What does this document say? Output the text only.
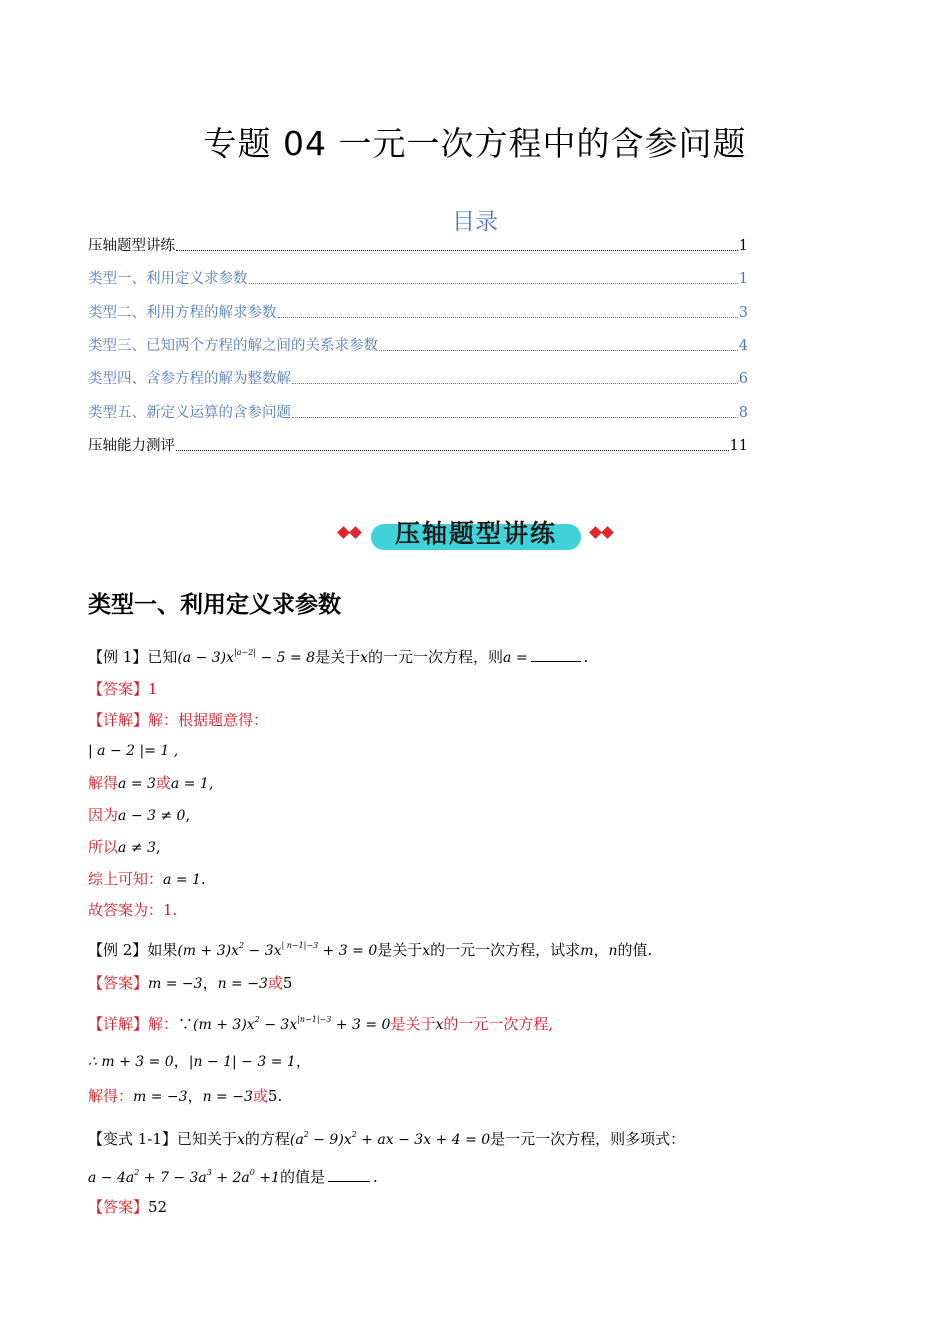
专题 04 一元一次方程中的含参问题
目录
压轴题型讲练	1
类型一、利用定义求参数	1
类型二、利用方程的解求参数	3
类型三、已知两个方程的解之间的关系求参数	4
类型四、含参方程的解为整数解	6
类型五、新定义运算的含参问题	8
压轴能力测评	11
压轴题型讲练
类型一、利用定义求参数
【例 1】已知$(a - 3)x^{|a-2|} - 5 = 8$是关于x的一元一次方程，则a =	.
【答案】1
【详解】解：根据题意得：
| a − 2 |= 1 ,
解得a = 3或a = 1,
因为a − 3 ≠ 0,
所以a ≠ 3,
综上可知：a = 1.
故答案为：1.
【例 2】如果$(m + 3)x^2 - 3x^{| n-1|-3} + 3 = 0$是关于x的一元一次方程，试求m，n的值.
【答案】m = −3，n = −3或5
【详解】解：∵(m + $3)x^2 - 3x^{|n-1|-3} + 3 = 0$是关于x的一元一次方程,
∴ m + 3 = 0，|n − 1| − 3 = 1，
解得：m = −3，n = −3或5.
【变式 1-1】已知关于x的方程$(a^2 - 9)x^2$ + ax − 3x + 4 = 0是一元一次方程，则多项式：
$a - 4a^2 + 7 - 3a^3 + 2a^0 +1$的值是	.
【答案】52
